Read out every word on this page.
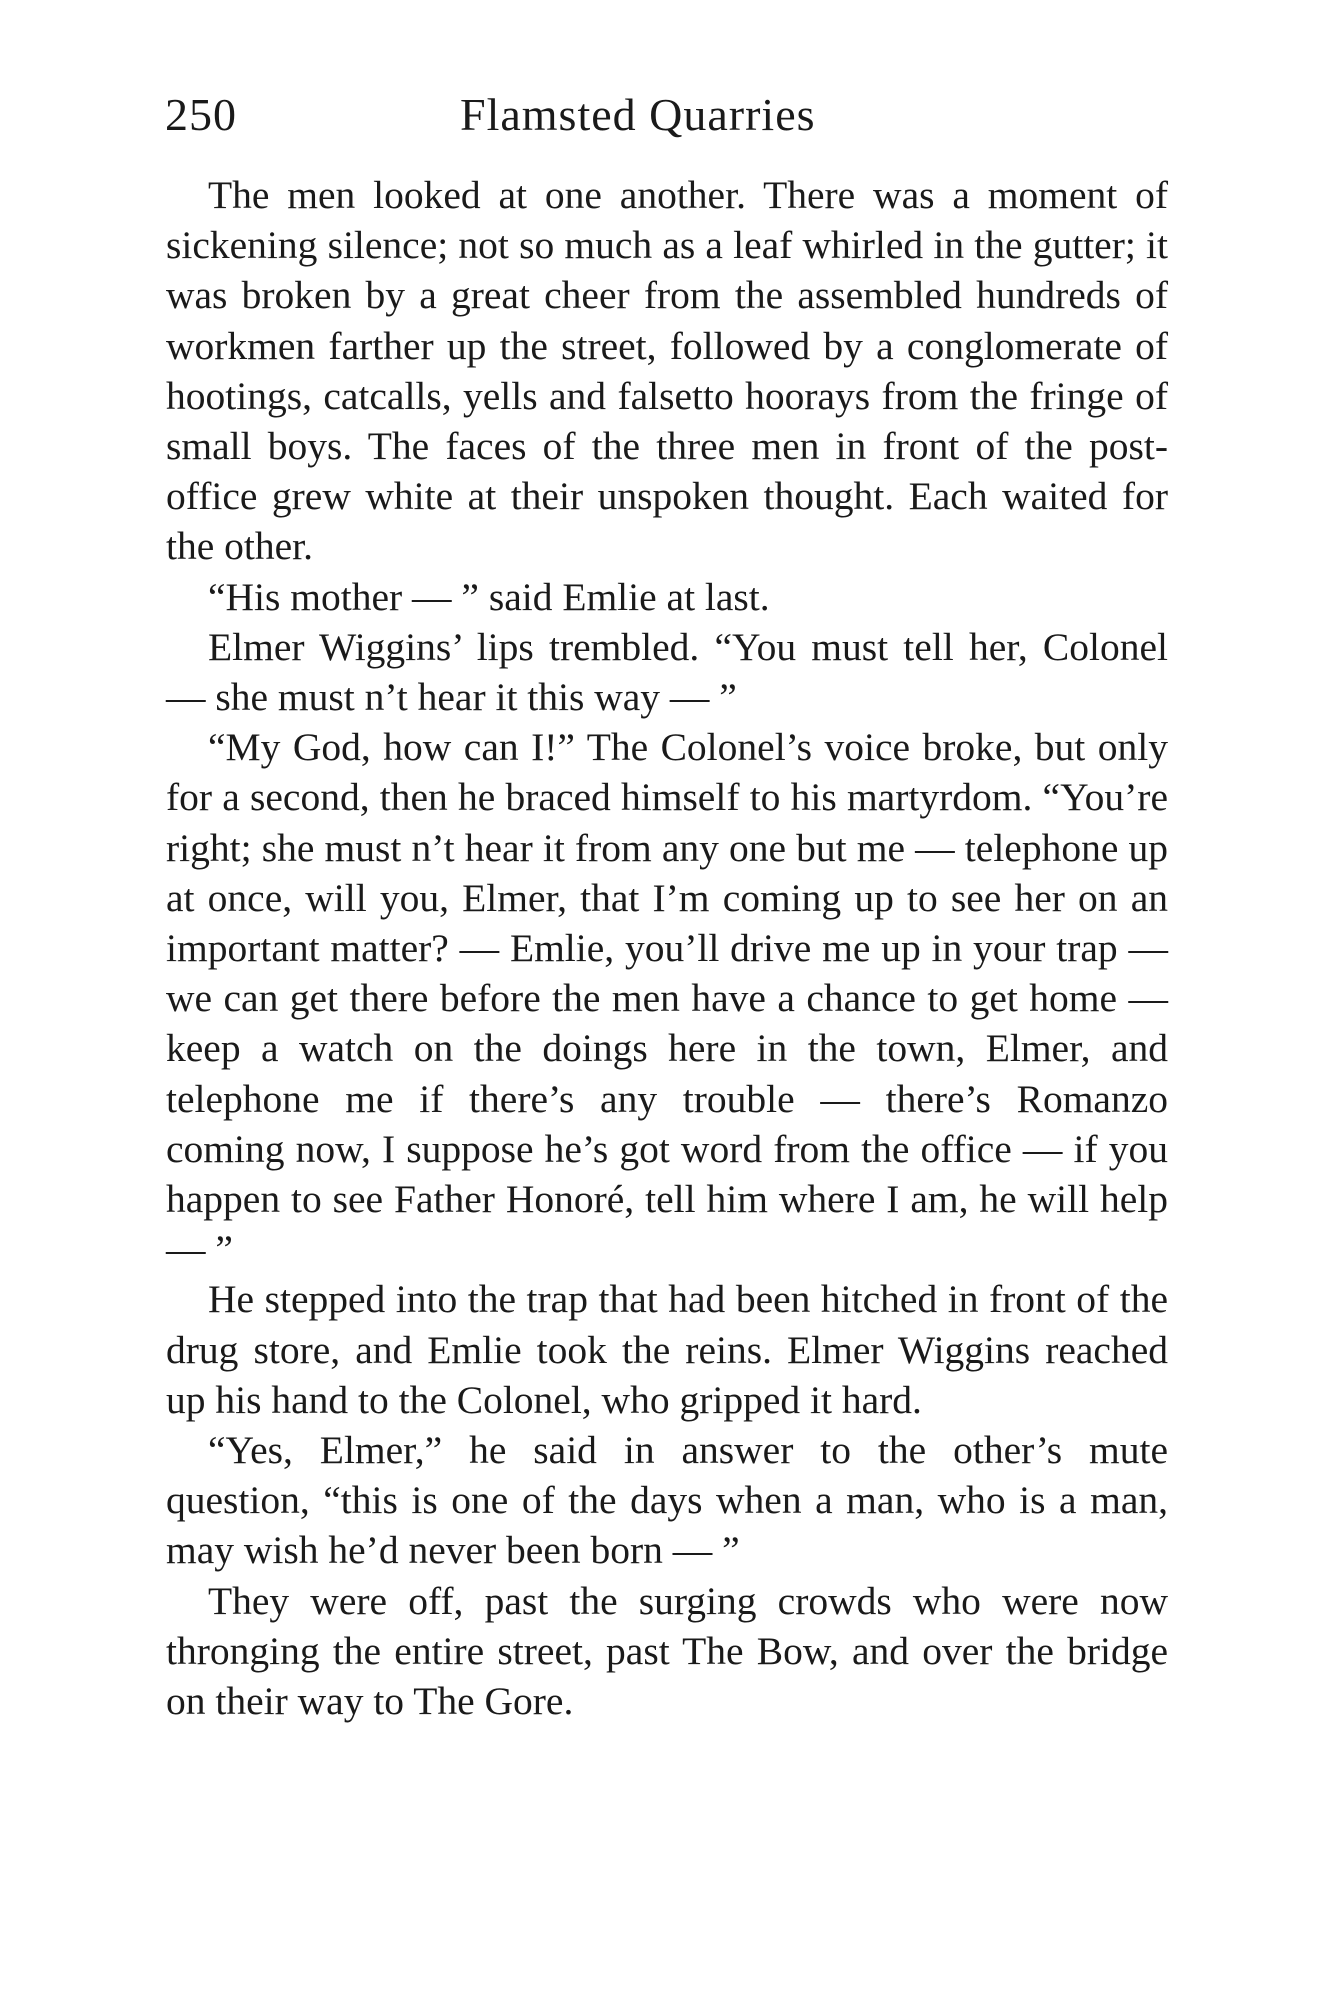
250	Flamsted Quarries

The men looked at one another. There was a moment of sickening silence; not so much as a leaf whirled in the gutter; it was broken by a great cheer from the assembled hundreds of workmen farther up the street, followed by a conglomerate of hootings, catcalls, yells and falsetto hoorays from the fringe of small boys. The faces of the three men in front of the post-office grew white at their unspoken thought. Each waited for the other.

“His mother — ” said Emlie at last.

Elmer Wiggins’ lips trembled. “You must tell her, Colonel — she must n’t hear it this way — ”

“My God, how can I!” The Colonel’s voice broke, but only for a second, then he braced himself to his martyrdom. “You’re right; she must n’t hear it from any one but me — telephone up at once, will you, Elmer, that I’m coming up to see her on an important matter? — Emlie, you’ll drive me up in your trap — we can get there before the men have a chance to get home — keep a watch on the doings here in the town, Elmer, and telephone me if there’s any trouble — there’s Romanzo coming now, I suppose he’s got word from the office — if you happen to see Father Honoré, tell him where I am, he will help — ”

He stepped into the trap that had been hitched in front of the drug store, and Emlie took the reins. Elmer Wiggins reached up his hand to the Colonel, who gripped it hard.

“Yes, Elmer,” he said in answer to the other’s mute question, “this is one of the days when a man, who is a man, may wish he’d never been born — ”

They were off, past the surging crowds who were now thronging the entire street, past The Bow, and over the bridge on their way to The Gore.
